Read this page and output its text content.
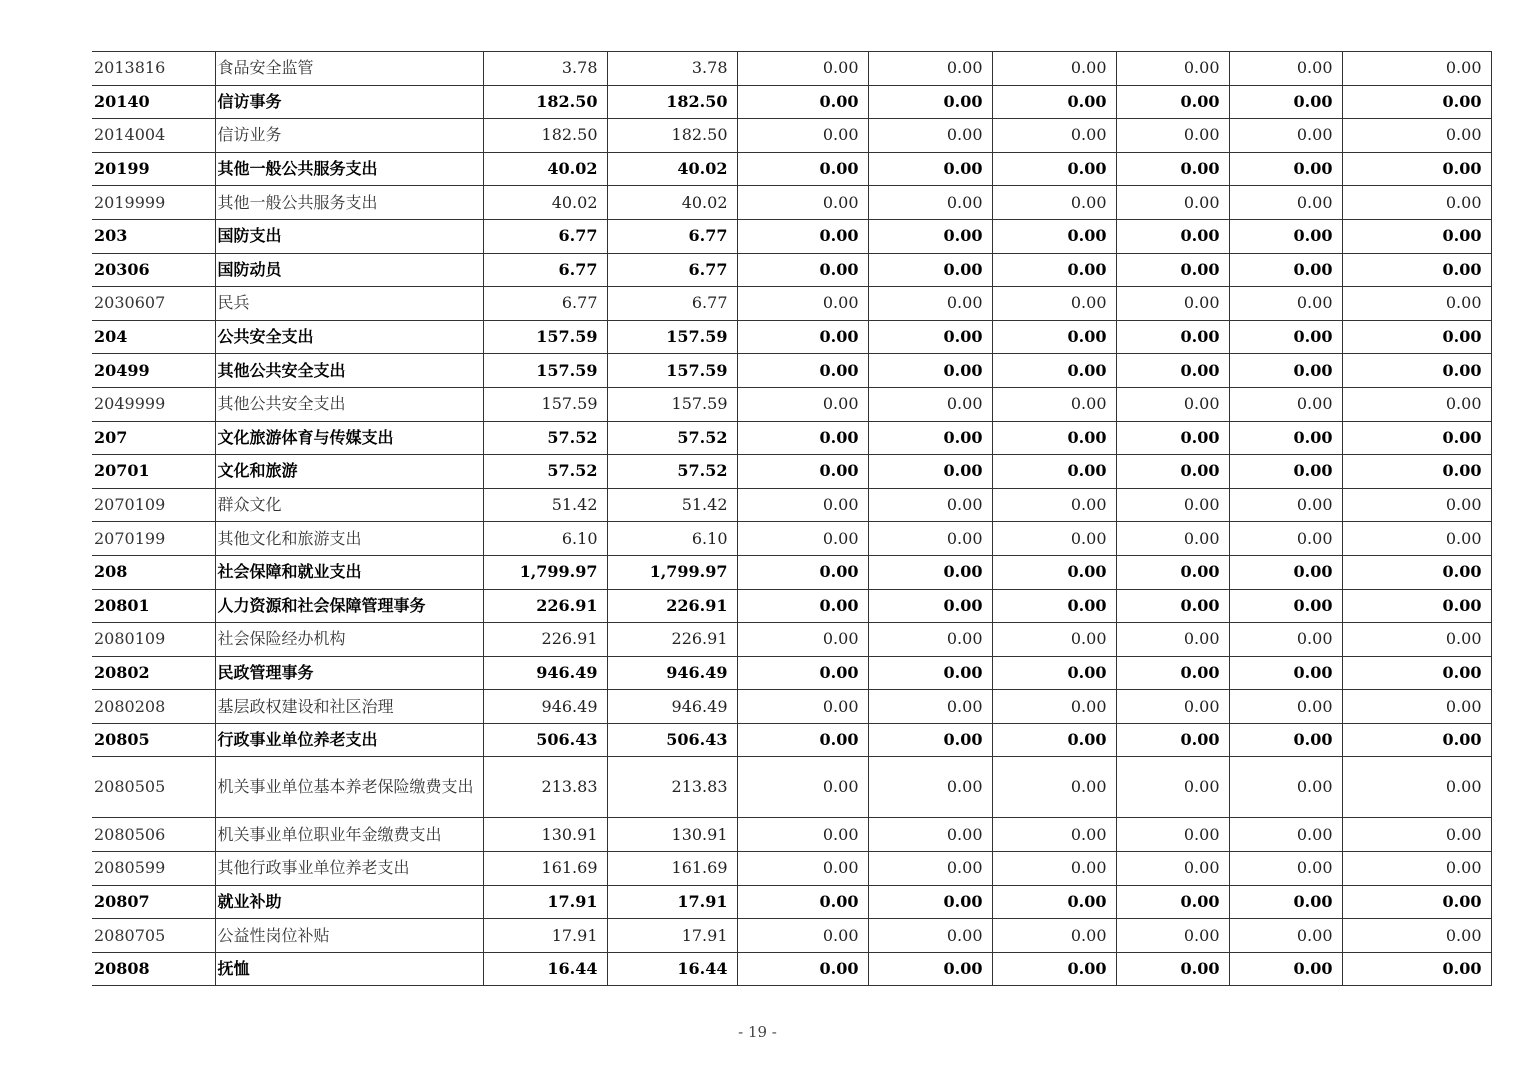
2013816	食品安全监管	3.78	3.78	0.00	0.00	0.00	0.00	0.00	0.00
20140	信访事务	182.50	182.50	0.00	0.00	0.00	0.00	0.00	0.00
2014004	信访业务	182.50	182.50	0.00	0.00	0.00	0.00	0.00	0.00
20199	其他一般公共服务支出	40.02	40.02	0.00	0.00	0.00	0.00	0.00	0.00
2019999	其他一般公共服务支出	40.02	40.02	0.00	0.00	0.00	0.00	0.00	0.00
203	国防支出	6.77	6.77	0.00	0.00	0.00	0.00	0.00	0.00
20306	国防动员	6.77	6.77	0.00	0.00	0.00	0.00	0.00	0.00
2030607	民兵	6.77	6.77	0.00	0.00	0.00	0.00	0.00	0.00
204	公共安全支出	157.59	157.59	0.00	0.00	0.00	0.00	0.00	0.00
20499	其他公共安全支出	157.59	157.59	0.00	0.00	0.00	0.00	0.00	0.00
2049999	其他公共安全支出	157.59	157.59	0.00	0.00	0.00	0.00	0.00	0.00
207	文化旅游体育与传媒支出	57.52	57.52	0.00	0.00	0.00	0.00	0.00	0.00
20701	文化和旅游	57.52	57.52	0.00	0.00	0.00	0.00	0.00	0.00
2070109	群众文化	51.42	51.42	0.00	0.00	0.00	0.00	0.00	0.00
2070199	其他文化和旅游支出	6.10	6.10	0.00	0.00	0.00	0.00	0.00	0.00
208	社会保障和就业支出	1,799.97	1,799.97	0.00	0.00	0.00	0.00	0.00	0.00
20801	人力资源和社会保障管理事务	226.91	226.91	0.00	0.00	0.00	0.00	0.00	0.00
2080109	社会保险经办机构	226.91	226.91	0.00	0.00	0.00	0.00	0.00	0.00
20802	民政管理事务	946.49	946.49	0.00	0.00	0.00	0.00	0.00	0.00
2080208	基层政权建设和社区治理	946.49	946.49	0.00	0.00	0.00	0.00	0.00	0.00
20805	行政事业单位养老支出	506.43	506.43	0.00	0.00	0.00	0.00	0.00	0.00
2080505	机关事业单位基本养老保险缴费支出	213.83	213.83	0.00	0.00	0.00	0.00	0.00	0.00
2080506	机关事业单位职业年金缴费支出	130.91	130.91	0.00	0.00	0.00	0.00	0.00	0.00
2080599	其他行政事业单位养老支出	161.69	161.69	0.00	0.00	0.00	0.00	0.00	0.00
20807	就业补助	17.91	17.91	0.00	0.00	0.00	0.00	0.00	0.00
2080705	公益性岗位补贴	17.91	17.91	0.00	0.00	0.00	0.00	0.00	0.00
20808	抚恤	16.44	16.44	0.00	0.00	0.00	0.00	0.00	0.00
- 19 -
